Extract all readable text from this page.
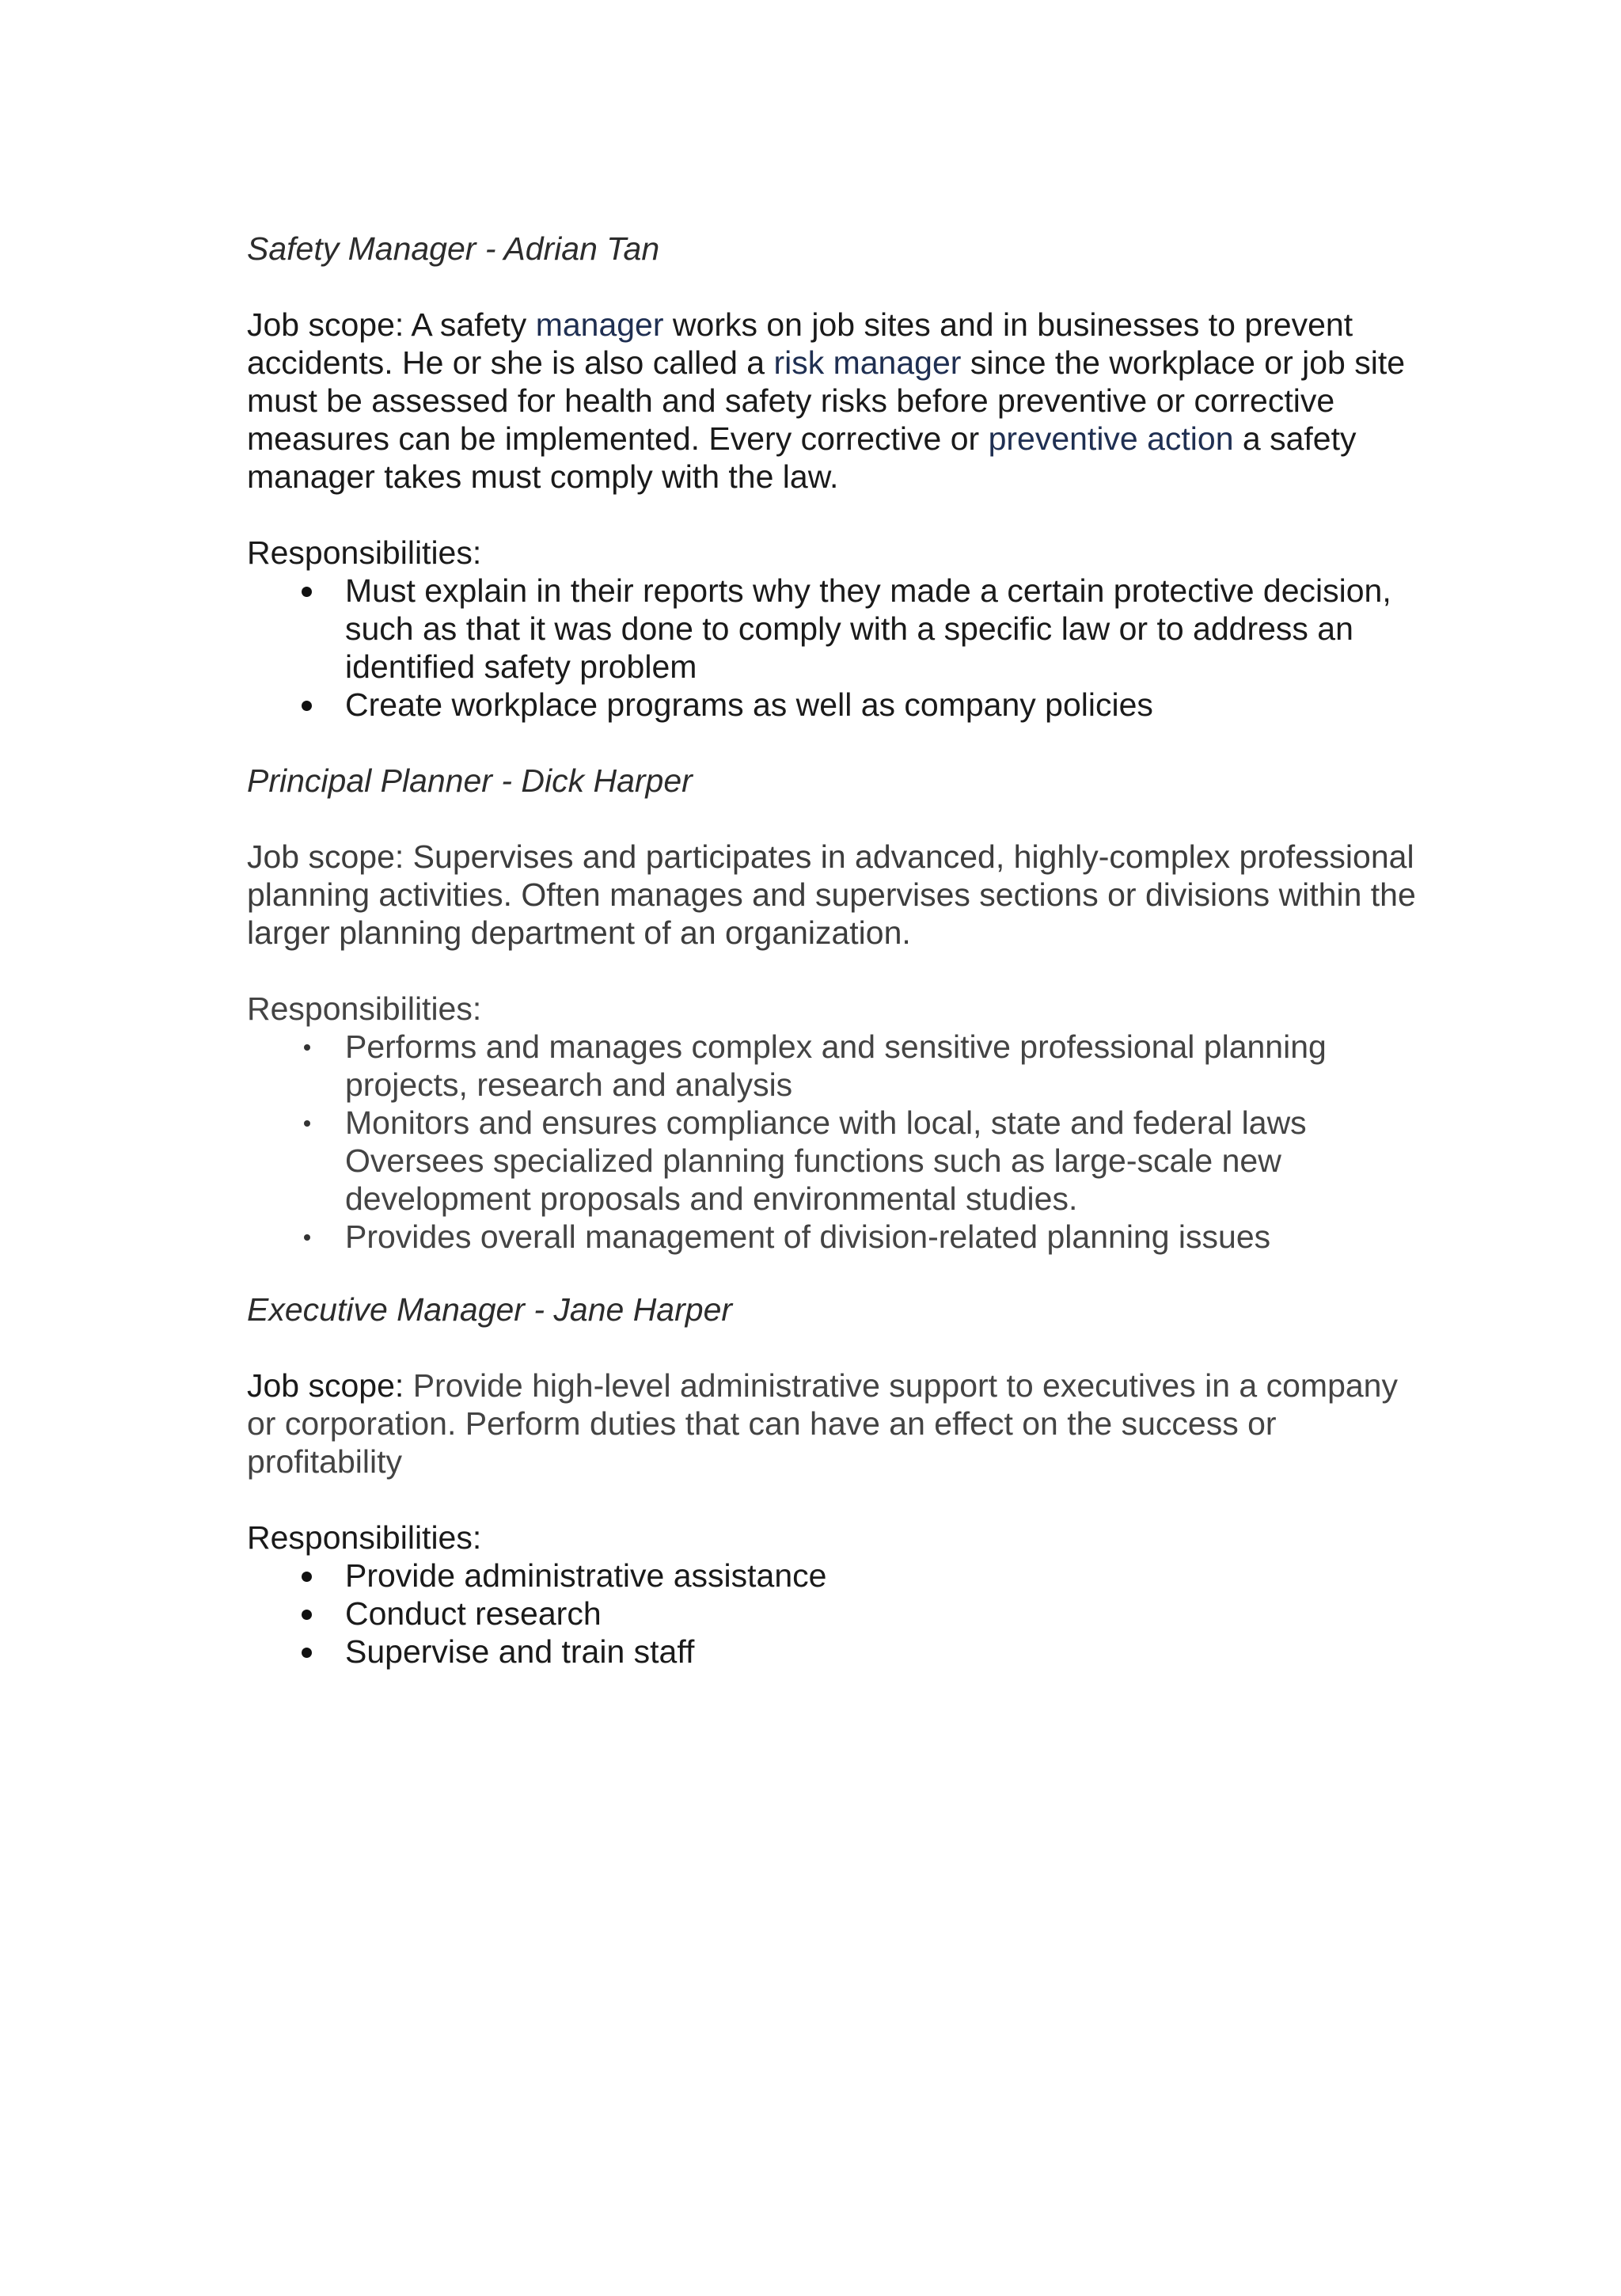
Safety Manager - Adrian Tan

Job scope: A safety manager works on job sites and in businesses to prevent accidents. He or she is also called a risk manager since the workplace or job site must be assessed for health and safety risks before preventive or corrective measures can be implemented. Every corrective or preventive action a safety manager takes must comply with the law.

Responsibilities:

Must explain in their reports why they made a certain protective decision, such as that it was done to comply with a specific law or to address an identified safety problem
Create workplace programs as well as company policies

Principal Planner - Dick Harper

Job scope: Supervises and participates in advanced, highly-complex professional planning activities. Often manages and supervises sections or divisions within the larger planning department of an organization.

Responsibilities:

Performs and manages complex and sensitive professional planning projects, research and analysis
Monitors and ensures compliance with local, state and federal laws
Oversees specialized planning functions such as large-scale new development proposals and environmental studies.
Provides overall management of division-related planning issues

Executive Manager - Jane Harper

Job scope: Provide high-level administrative support to executives in a company or corporation. Perform duties that can have an effect on the success or profitability

Responsibilities:

Provide administrative assistance
Conduct research
Supervise and train staff
